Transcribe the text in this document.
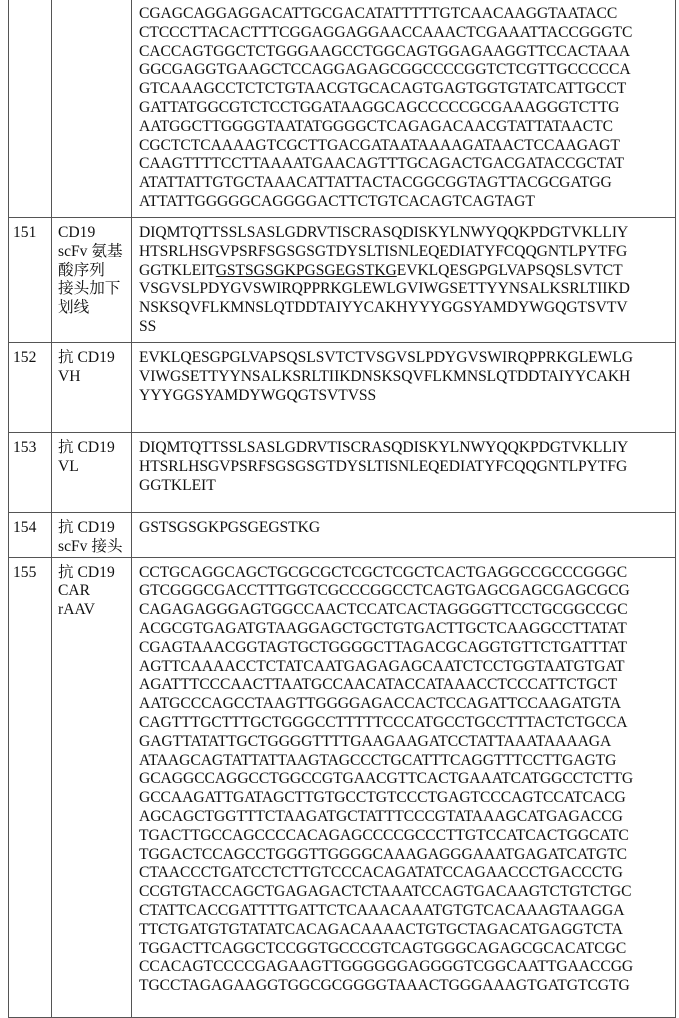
CGAGCAGGAGGACATTGCGACATATTTTTGTCAACAAGGTAATACC
CTCCCTTACACTTTCGGAGGAGGAACCAAACTCGAAATTACCGGGTC
CACCAGTGGCTCTGGGAAGCCTGGCAGTGGAGAAGGTTCCACTAAA
GGCGAGGTGAAGCTCCAGGAGAGCGGCCCCGGTCTCGTTGCCCCCA
GTCAAAGCCTCTCTGTAACGTGCACAGTGAGTGGTGTATCATTGCCT
GATTATGGCGTCTCCTGGATAAGGCAGCCCCCGCGAAAGGGTCTTG
AATGGCTTGGGGTAATATGGGGCTCAGAGACAACGTATTATAACTC
CGCTCTCAAAAGTCGCTTGACGATAATAAAAGATAACTCCAAGAGT
CAAGTTTTCCTTAAAATGAACAGTTTGCAGACTGACGATACCGCTAT
ATATTATTGTGCTAAACATTATTACTACGGCGGTAGTTACGCGATGG
ATTATTGGGGGCAGGGGACTTCTGTCACAGTCAGTAGT

151	CD19
scFv 氨基
酸序列
接头加下
划线

DIQMTQTTSSLSASLGDRVTISCRASQDISKYLNWYQQKPDGTVKLLIY
HTSRLHSGVPSRFSGSGSGTDYSLTISNLEQEDIATYFCQQGNTLPYTFG
GGTKLEITGSTSGSGKPGSGEGSTKGEVKLQESGPGLVAPSQSLSVTCT
VSGVSLPDYGVSWIRQPPRKGLEWLGVIWGSETTYYNSALKSRLTIIKD
NSKSQVFLKMNSLQTDDTAIYYCAKHYYYGGSYAMDYWGQGTSVTV
SS

152	抗 CD19
VH

EVKLQESGPGLVAPSQSLSVTCTVSGVSLPDYGVSWIRQPPRKGLEWLG
VIWGSETTYYNSALKSRLTIIKDNSKSQVFLKMNSLQTDDTAIYYCAKH
YYYGGSYAMDYWGQGTSVTVSS

153	抗 CD19
VL

DIQMTQTTSSLSASLGDRVTISCRASQDISKYLNWYQQKPDGTVKLLIY
HTSRLHSGVPSRFSGSGSGTDYSLTISNLEQEDIATYFCQQGNTLPYTFG
GGTKLEIT

154	抗 CD19
scFv 接头

GSTSGSGKPGSGEGSTKG

155	抗 CD19
CAR
rAAV

CCTGCAGGCAGCTGCGCGCTCGCTCGCTCACTGAGGCCGCCCGGGC
GTCGGGCGACCTTTGGTCGCCCGGCCTCAGTGAGCGAGCGAGCGCG
CAGAGAGGGAGTGGCCAACTCCATCACTAGGGGTTCCTGCGGCCGC
ACGCGTGAGATGTAAGGAGCTGCTGTGACTTGCTCAAGGCCTTATAT
CGAGTAAACGGTAGTGCTGGGGCTTAGACGCAGGTGTTCTGATTTAT
AGTTCAAAACCTCTATCAATGAGAGAGCAATCTCCTGGTAATGTGAT
AGATTTCCCAACTTAATGCCAACATACCATAAACCTCCCATTCTGCT
AATGCCCAGCCTAAGTTGGGGAGACCACTCCAGATTCCAAGATGTA
CAGTTTGCTTTGCTGGGCCTTTTTCCCATGCCTGCCTTTACTCTGCCA
GAGTTATATTGCTGGGGTTTTGAAGAAGATCCTATTAAATAAAAGA
ATAAGCAGTATTATTAAGTAGCCCTGCATTTCAGGTTTCCTTGAGTG
GCAGGCCAGGCCTGGCCGTGAACGTTCACTGAAATCATGGCCTCTTG
GCCAAGATTGATAGCTTGTGCCTGTCCCTGAGTCCCAGTCCATCACG
AGCAGCTGGTTTCTAAGATGCTATTTCCCGTATAAAGCATGAGACCG
TGACTTGCCAGCCCCACAGAGCCCCGCCCTTGTCCATCACTGGCATC
TGGACTCCAGCCTGGGTTGGGGCAAAGAGGGAAATGAGATCATGTC
CTAACCCTGATCCTCTTGTCCCACAGATATCCAGAACCCTGACCCTG
CCGTGTACCAGCTGAGAGACTCTAAATCCAGTGACAAGTCTGTCTGC
CTATTCACCGATTTTGATTCTCAAACAAATGTGTCACAAAGTAAGGA
TTCTGATGTGTATATCACAGACAAAACTGTGCTAGACATGAGGTCTA
TGGACTTCAGGCTCCGGTGCCCGTCAGTGGGCAGAGCGCACATCGC
CCACAGTCCCCGAGAAGTTGGGGGGAGGGGTCGGCAATTGAACCGG
TGCCTAGAGAAGGTGGCGCGGGGTAAACTGGGAAAGTGATGTCGTG
